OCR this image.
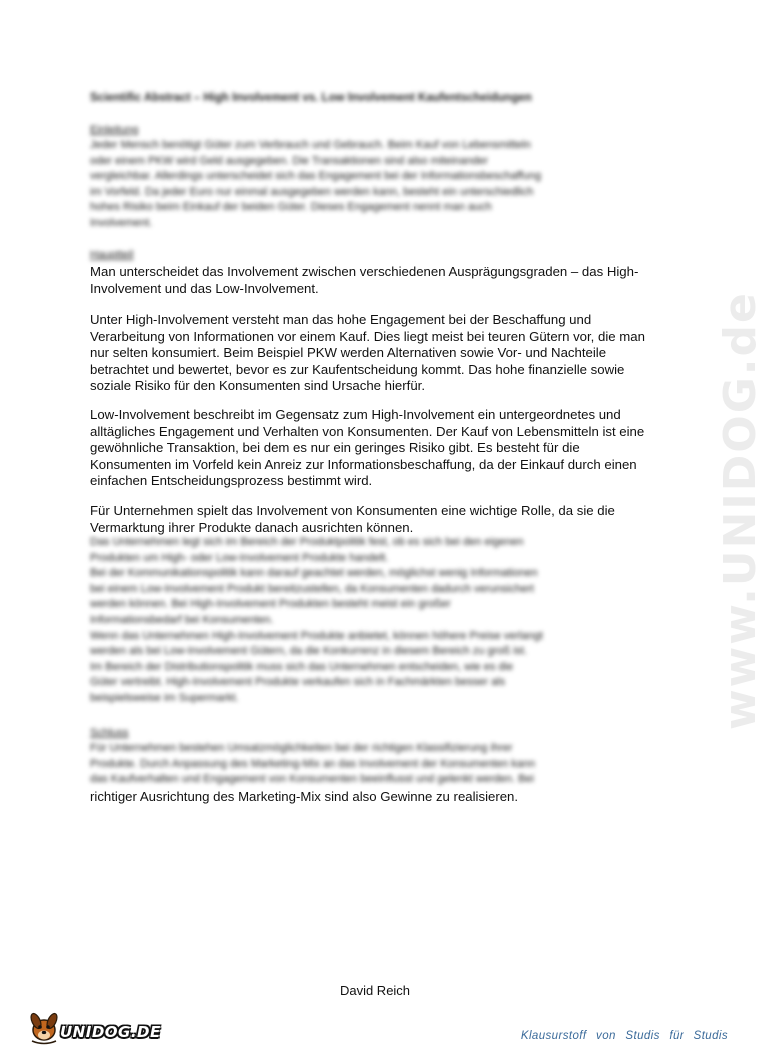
www.UNIDOG.de
Scientific Abstract – High Involvement vs. Low Involvement Kaufentscheidungen
Einleitung
Jeder Mensch benötigt Güter zum Verbrauch und Gebrauch. Beim Kauf von Lebensmitteln
oder einem PKW wird Geld ausgegeben. Die Transaktionen sind also miteinander
vergleichbar. Allerdings unterscheidet sich das Engagement bei der Informationsbeschaffung
im Vorfeld. Da jeder Euro nur einmal ausgegeben werden kann, besteht ein unterschiedlich
hohes Risiko beim Einkauf der beiden Güter. Dieses Engagement nennt man auch
Involvement.
Hauptteil

Man unterscheidet das Involvement zwischen verschiedenen Ausprägungsgraden – das High-Involvement und das Low-Involvement.

Unter High-Involvement versteht man das hohe Engagement bei der Beschaffung und Verarbeitung von Informationen vor einem Kauf. Dies liegt meist bei teuren Gütern vor, die man nur selten konsumiert. Beim Beispiel PKW werden Alternativen sowie Vor- und Nachteile betrachtet und bewertet, bevor es zur Kaufentscheidung kommt. Das hohe finanzielle sowie soziale Risiko für den Konsumenten sind Ursache hierfür.

Low-Involvement beschreibt im Gegensatz zum High-Involvement ein untergeordnetes und alltägliches Engagement und Verhalten von Konsumenten. Der Kauf von Lebensmitteln ist eine gewöhnliche Transaktion, bei dem es nur ein geringes Risiko gibt. Es besteht für die Konsumenten im Vorfeld kein Anreiz zur Informationsbeschaffung, da der Einkauf durch einen einfachen Entscheidungsprozess bestimmt wird.

Für Unternehmen spielt das Involvement von Konsumenten eine wichtige Rolle, da sie die Vermarktung ihrer Produkte danach ausrichten können.

Das Unternehmen legt sich im Bereich der Produktpolitik fest, ob es sich bei den eigenen
Produkten um High- oder Low-Involvement Produkte handelt.
Bei der Kommunikationspolitik kann darauf geachtet werden, möglichst wenig Informationen
bei einem Low-Involvement Produkt bereitzustellen, da Konsumenten dadurch verunsichert
werden können. Bei High-Involvement Produkten besteht meist ein großer
Informationsbedarf bei Konsumenten.
Wenn das Unternehmen High-Involvement Produkte anbietet, können höhere Preise verlangt
werden als bei Low-Involvement Gütern, da die Konkurrenz in diesem Bereich zu groß ist.
Im Bereich der Distributionspolitik muss sich das Unternehmen entscheiden, wie es die
Güter vertreibt. High-Involvement Produkte verkaufen sich in Fachmärkten besser als
beispielsweise im Supermarkt.
Schluss
Für Unternehmen bestehen Umsatzmöglichkeiten bei der richtigen Klassifizierung ihrer
Produkte. Durch Anpassung des Marketing-Mix an das Involvement der Konsumenten kann
das Kaufverhalten und Engagement von Konsumenten beeinflusst und gelenkt werden. Bei

richtiger Ausrichtung des Marketing-Mix sind also Gewinne zu realisieren.

David Reich
UNIDOG.DE	Klausurstoff von Studis für Studis
